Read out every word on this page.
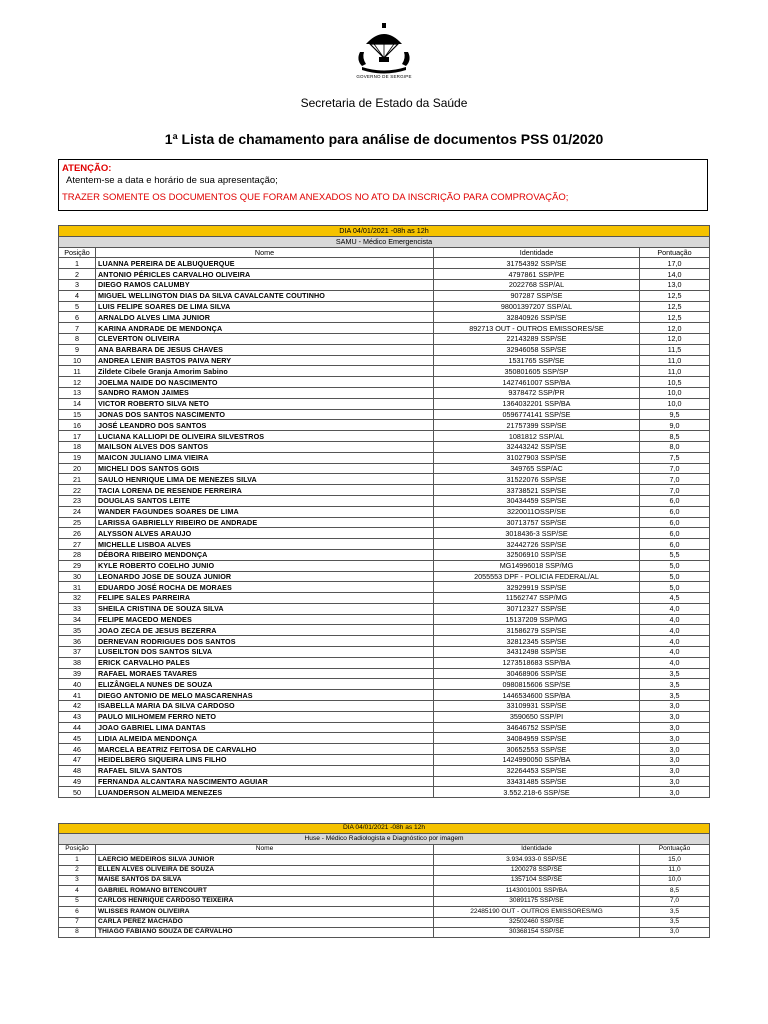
GOVERNO DE SERGIPE
Secretaria de Estado da Saúde
1ª Lista de chamamento para análise de documentos PSS 01/2020
ATENÇÃO:
Atentem-se a data e horário de sua apresentação;
TRAZER SOMENTE OS DOCUMENTOS QUE FORAM ANEXADOS NO ATO DA INSCRIÇÃO PARA COMPROVAÇÃO;
DIA 04/01/2021 -08h as 12h			
SAMU - Médico Emergencista			
Posição	Nome	Identidade	Pontuação
1	LUANNA PEREIRA DE ALBUQUERQUE	31754392 SSP/SE	17,0
2	ANTONIO PÉRICLES CARVALHO OLIVEIRA	4797861 SSP/PE	14,0
3	DIEGO RAMOS CALUMBY	2022768 SSP/AL	13,0
4	MIGUEL WELLINGTON DIAS DA SILVA CAVALCANTE COUTINHO	907287 SSP/SE	12,5
5	LUIS FELIPE SOARES DE LIMA SILVA	98001397207 SSP/AL	12,5
6	ARNALDO ALVES LIMA JUNIOR	32840926 SSP/SE	12,5
7	KARINA ANDRADE DE MENDONÇA	892713 OUT - OUTROS EMISSORES/SE	12,0
8	CLEVERTON OLIVEIRA	22143289 SSP/SE	12,0
9	ANA BARBARA DE JESUS CHAVES	32946058 SSP/SE	11,5
10	ANDREA LENIR BASTOS PAIVA NERY	1531765 SSP/SE	11,0
11	Zildete Cibele Granja Amorim Sabino	350801605 SSP/SP	11,0
12	JOELMA NAIDE DO NASCIMENTO	1427461007 SSP/BA	10,5
13	SANDRO RAMON JAIMES	9378472 SSP/PR	10,0
14	VICTOR ROBERTO SILVA NETO	1364032201 SSP/BA	10,0
15	JONAS DOS SANTOS NASCIMENTO	0596774141 SSP/SE	9,5
16	JOSÉ LEANDRO DOS SANTOS	21757399 SSP/SE	9,0
17	LUCIANA KALLIOPI DE OLIVEIRA SILVESTROS	1081812 SSP/AL	8,5
18	MAILSON ALVES DOS SANTOS	32443242 SSP/SE	8,0
19	MAICON JULIANO LIMA VIEIRA	31027903 SSP/SE	7,5
20	MICHELI DOS SANTOS GOIS	349765 SSP/AC	7,0
21	SAULO HENRIQUE LIMA DE MENEZES SILVA	31522076 SSP/SE	7,0
22	TACIA LORENA DE RESENDE FERREIRA	33738521 SSP/SE	7,0
23	DOUGLAS SANTOS LEITE	30434459 SSP/SE	6,0
24	WANDER FAGUNDES SOARES DE LIMA	3220011OSSP/SE	6,0
25	LARISSA GABRIELLY RIBEIRO DE ANDRADE	30713757 SSP/SE	6,0
26	ALYSSON ALVES ARAUJO	3018436-3 SSP/SE	6,0
27	MICHELLE LISBOA ALVES	32442726 SSP/SE	6,0
28	DÉBORA RIBEIRO MENDONÇA	32506910 SSP/SE	5,5
29	KYLE ROBERTO COELHO JUNIO	MG14996018 SSP/MG	5,0
30	LEONARDO JOSE DE SOUZA JUNIOR	2055553 DPF - POLICIA FEDERAL/AL	5,0
31	EDUARDO JOSÉ ROCHA DE MORAES	32929919 SSP/SE	5,0
32	FELIPE SALES PARREIRA	11562747 SSP/MG	4,5
33	SHEILA CRISTINA DE SOUZA SILVA	30712327 SSP/SE	4,0
34	FELIPE MACEDO MENDES	15137209 SSP/MG	4,0
35	JOAO ZECA DE JESUS BEZERRA	31586279 SSP/SE	4,0
36	DERNEVAN RODRIGUES DOS SANTOS	32812345 SSP/SE	4,0
37	LUSEILTON DOS SANTOS SILVA	34312498 SSP/SE	4,0
38	ERICK CARVALHO PALES	1273518683 SSP/BA	4,0
39	RAFAEL MORAES TAVARES	30468906 SSP/SE	3,5
40	ELIZÂNGELA NUNES DE SOUZA	0980815606 SSP/SE	3,5
41	DIEGO ANTONIO DE MELO MASCARENHAS	1446534600 SSP/BA	3,5
42	ISABELLA MARIA DA SILVA CARDOSO	33109931 SSP/SE	3,0
43	PAULO MILHOMEM FERRO NETO	3590650 SSP/PI	3,0
44	JOAO GABRIEL LIMA DANTAS	34646752 SSP/SE	3,0
45	LIDIA ALMEIDA MENDONÇA	34084959 SSP/SE	3,0
46	MARCELA BEATRIZ FEITOSA DE CARVALHO	30652553 SSP/SE	3,0
47	HEIDELBERG SIQUEIRA LINS FILHO	1424990050 SSP/BA	3,0
48	RAFAEL SILVA SANTOS	32264453 SSP/SE	3,0
49	FERNANDA ALCANTARA NASCIMENTO AGUIAR	33431485 SSP/SE	3,0
50	LUANDERSON ALMEIDA MENEZES	3.552.218-6 SSP/SE	3,0
DIA 04/01/2021 -08h as 12h			
Huse - Médico Radiologista e Diagnóstico por imagem			
Posição	Nome	Identidade	Pontuação
1	LAERCIO MEDEIROS SILVA JUNIOR	3.934.933-0 SSP/SE	15,0
2	ELLEN ALVES OLIVEIRA DE SOUZA	1200278 SSP/SE	11,0
3	MAISE SANTOS DA SILVA	1357104 SSP/SE	10,0
4	GABRIEL ROMANO BITENCOURT	1143001001 SSP/BA	8,5
5	CARLOS HENRIQUE CARDOSO TEIXEIRA	30891175 SSP/SE	7,0
6	WLISSES RAMON OLIVEIRA	22485190 OUT - OUTROS EMISSORES/MG	3,5
7	CARLA PEREZ MACHADO	32502460 SSP/SE	3,5
8	THIAGO FABIANO SOUZA DE CARVALHO	30368154 SSP/SE	3,0
